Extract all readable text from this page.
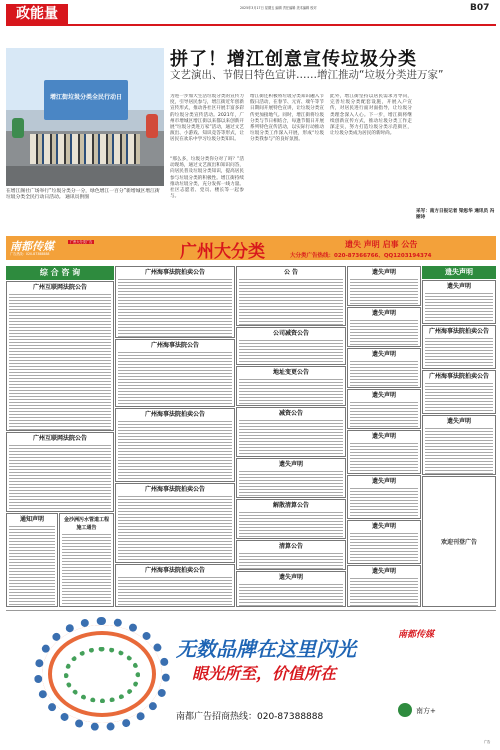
政能量	2025年3月17日 星期五 编辑 责任编辑 美术编辑 校对	B07
拼了！增江创意宣传垃圾分类
文艺演出、节假日特色宣讲……增江推动“垃圾分类进万家”
增江街垃圾分类全民行动日
在增江阁社广场举行“垃圾分类分一分，绿色增江一百分”新增城区增江街垃圾分类全民行动日活动。 通讯员供图
为进一步加大生活垃圾分类的宣传力度，引导居民参与，增江街近年创新宣传形式，推动各社区开展丰富多彩的垃圾分类宣传活动。2021年，广州市增城区增江街以来都以来创新开展“垃圾分类进万家”活动，通过文艺演出、小游戏、知识竞答等形式，让居民在欢乐中学习垃圾分类知识。
“那么多，垃圾分类你分对了吗？”活动现场，通过文艺演出和知识问答，向居民普及垃圾分类知识，提高居民参与垃圾分类的积极性。增江街持续推动垃圾分类，充分发挥一线力量。社区志愿者、党员、楼长等一起参与。
增江街还积极将垃圾分类知识融入节假日活动，在春节、元宵、端午等节日期间开展特色宣讲，让垃圾分类宣传更加接地气。同时，增江街将垃圾分类与节日相结合，每逢节假日开展系列特色宣传活动，以实际行动推动垃圾分类工作深入开展，形成“垃圾分类我参与”的良好氛围。
此外，增江街坚持以居民需求为导向，完善垃圾分类配套设施，开展入户宣传，对居民进行面对面指导，让垃圾分类理念深入人心。下一步，增江街将继续创新宣传方式，推动垃圾分类工作走深走实，努力打造垃圾分类示范街区，让垃圾分类成为居民的新时尚。
采写：南方日报记者 梁思华 通讯员 冯丽诗
南都传媒	广州大分类广告
广告热线：020-87388888	广州大分类	遗失 声明 启事 公告
大分类广告热线：020-87366766、QQ1203194374
综 合 咨 询
广州互联网法院公告
广州互联网法院公告
通知声明	金沙洲污水管道工程施工通告
广州海事法院拍卖公告
广州海事法院公告
广州海事法院拍卖公告
广州海事法院拍卖公告
广州海事法院拍卖公告
公 告
公司减资公告
地址变更公告
减资公告
遗失声明
解散清算公告
清算公告
遗失声明
遗失声明
遗失声明
遗失声明
遗失声明
遗失声明
遗失声明
遗失声明
遗失声明
遗失声明
遗失声明
广州海事法院拍卖公告
广州海事法院拍卖公告
遗失声明
欢迎刊登广告
无数品牌在这里闪光
眼光所至，价值所在
南都传媒
南都广告招商热线：020-87388888
南方+
广告
